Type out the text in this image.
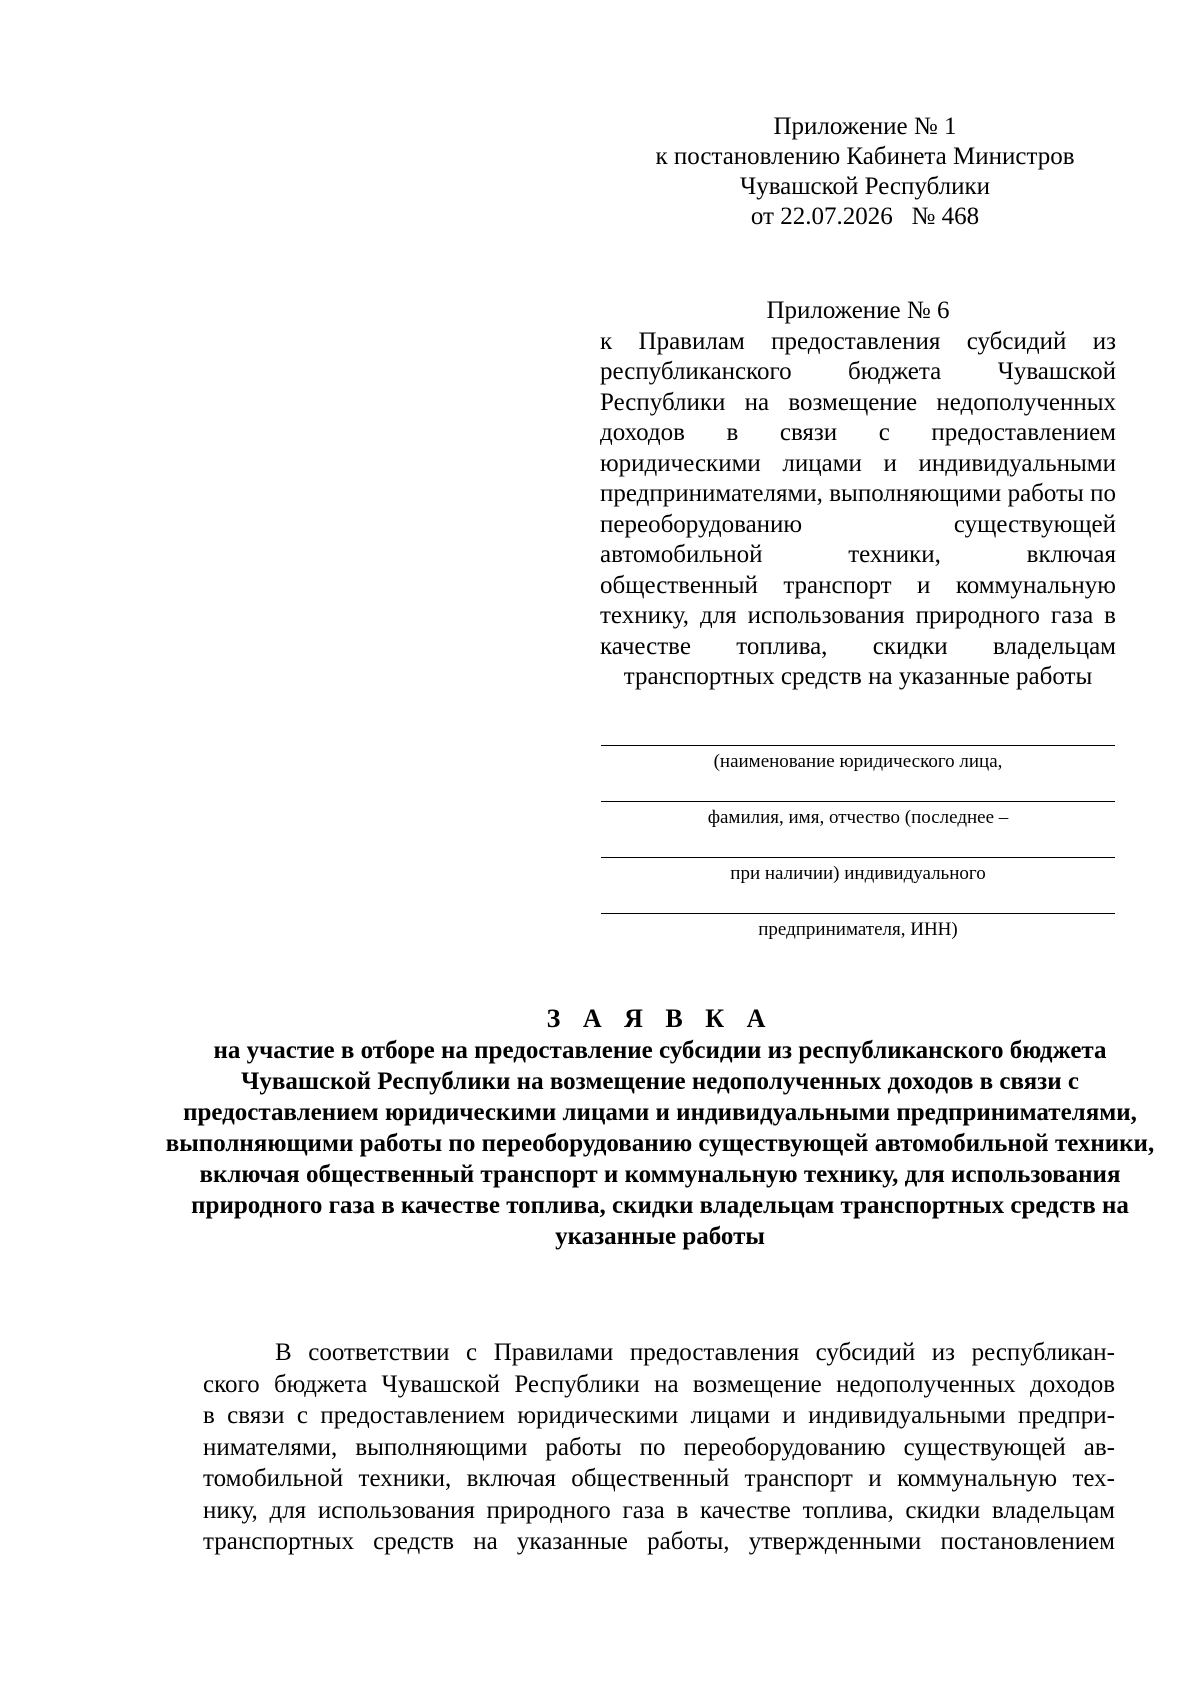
Приложение № 1
к постановлению Кабинета Министров
Чувашской Республики
от 22.07.2026   № 468
Приложение № 6
к Правилам предоставления субсидий из республиканского бюджета Чувашской Республики на возмещение недополученных доходов в связи с предоставлением юридическими лицами и индивидуальными предпринимателями, выполняющими работы по переоборудованию существующей автомобильной техники, включая общественный транспорт и коммунальную технику, для использования природного газа в качестве топлива, скидки владельцам транспортных средств на указанные работы
(наименование юридического лица,
фамилия, имя, отчество (последнее –
при наличии) индивидуального
предпринимателя, ИНН)
З А Я В К А
на участие в отборе на предоставление субсидии из республиканского бюджета Чувашской Республики на возмещение недополученных доходов в связи с предоставлением юридическими лицами и индивидуальными предпринимателями, выполняющими работы по переоборудованию существующей автомобильной техники, включая общественный транспорт и коммунальную технику, для использования природного газа в качестве топлива, скидки владельцам транспортных средств на указанные работы
В соответствии с Правилами предоставления субсидий из республикан-
ского бюджета Чувашской Республики на возмещение недополученных доходов
в связи с предоставлением юридическими лицами и индивидуальными предпри-
нимателями, выполняющими работы по переоборудованию существующей ав-
томобильной техники, включая общественный транспорт и коммунальную тех-
нику, для использования природного газа в качестве топлива, скидки владельцам
транспортных средств на указанные работы, утвержденными постановлением
